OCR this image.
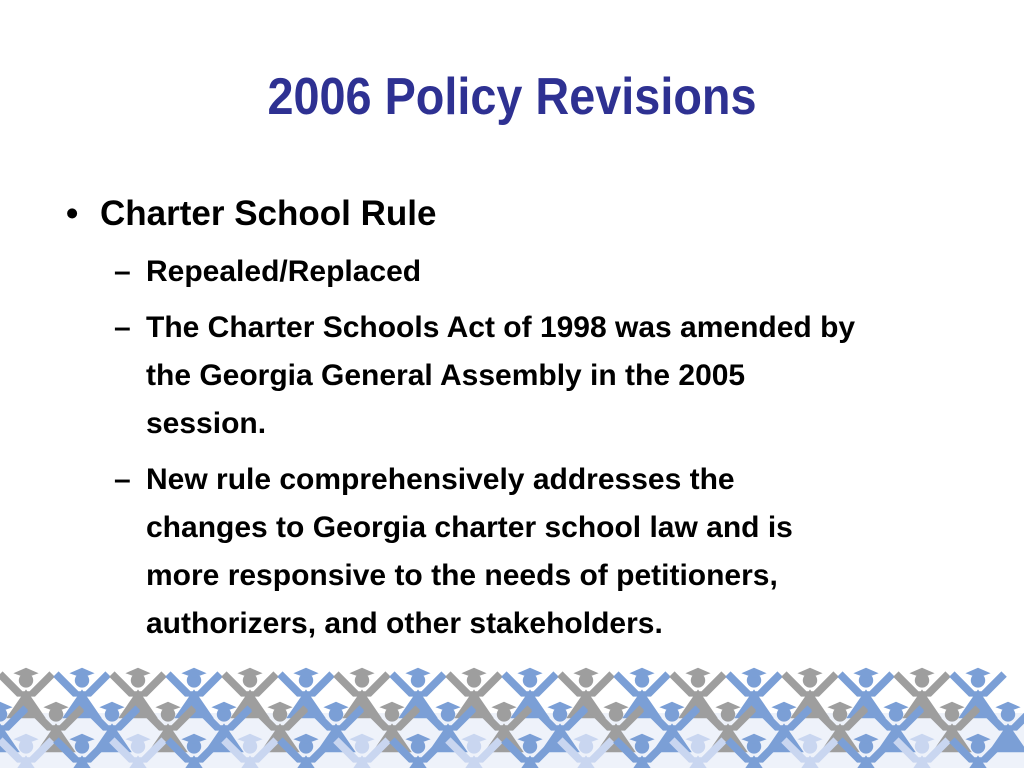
2006 Policy Revisions
• Charter School Rule
– Repealed/Replaced
– The Charter Schools Act of 1998 was amended by the Georgia General Assembly in the 2005 session.
– New rule comprehensively addresses the changes to Georgia charter school law and is more responsive to the needs of petitioners, authorizers, and other stakeholders.
